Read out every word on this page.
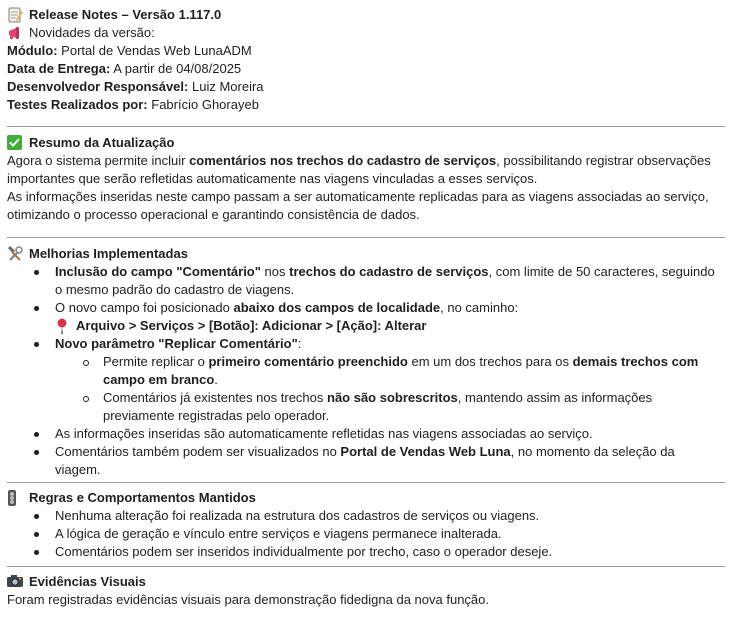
Release Notes – Versão 1.117.0
Novidades da versão:
Módulo: Portal de Vendas Web LunaADM
Data de Entrega: A partir de 04/08/2025
Desenvolvedor Responsável: Luiz Moreira
Testes Realizados por: Fabrício Ghorayeb
Resumo da Atualização
Agora o sistema permite incluir comentários nos trechos do cadastro de serviços, possibilitando registrar observações importantes que serão refletidas automaticamente nas viagens vinculadas a esses serviços.
As informações inseridas neste campo passam a ser automaticamente replicadas para as viagens associadas ao serviço, otimizando o processo operacional e garantindo consistência de dados.
Melhorias Implementadas
Inclusão do campo "Comentário" nos trechos do cadastro de serviços, com limite de 50 caracteres, seguindo o mesmo padrão do cadastro de viagens.
O novo campo foi posicionado abaixo dos campos de localidade, no caminho:
Arquivo > Serviços > [Botão]: Adicionar > [Ação]: Alterar
Novo parâmetro "Replicar Comentário":
Permite replicar o primeiro comentário preenchido em um dos trechos para os demais trechos com campo em branco.
Comentários já existentes nos trechos não são sobrescritos, mantendo assim as informações previamente registradas pelo operador.
As informações inseridas são automaticamente refletidas nas viagens associadas ao serviço.
Comentários também podem ser visualizados no Portal de Vendas Web Luna, no momento da seleção da viagem.
Regras e Comportamentos Mantidos
Nenhuma alteração foi realizada na estrutura dos cadastros de serviços ou viagens.
A lógica de geração e vínculo entre serviços e viagens permanece inalterada.
Comentários podem ser inseridos individualmente por trecho, caso o operador deseje.
Evidências Visuais
Foram registradas evidências visuais para demonstração fidedigna da nova função.
